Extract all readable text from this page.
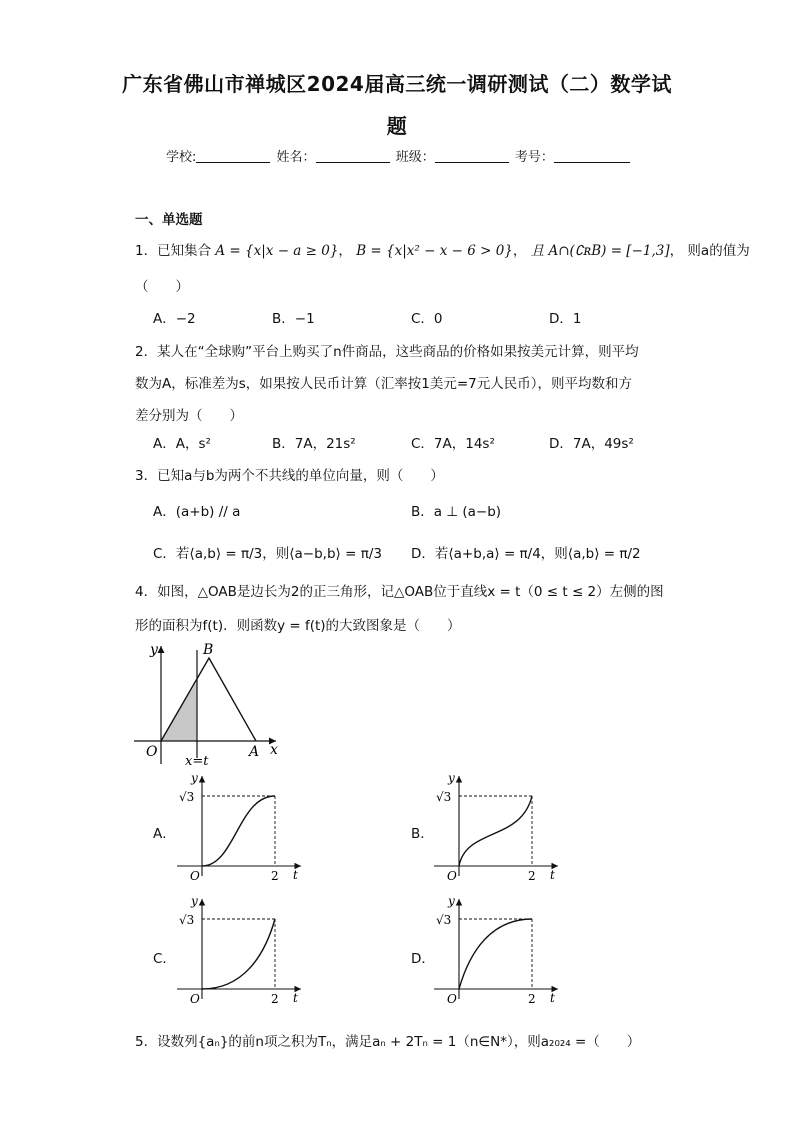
广东省佛山市禅城区2024届高三统一调研测试（二）数学试
题
学校:	姓名：	班级：	考号：
一、单选题
1．已知集合 A = {x|x − a ≥ 0}， B = {x|x² − x − 6 > 0}， 且 A∩(∁ʀB) = [−1,3]， 则a的值为
（　　）
A．−2	B．−1	C．0	D．1
2．某人在“全球购”平台上购买了n件商品，这些商品的价格如果按美元计算，则平均
数为A，标准差为s，如果按人民币计算（汇率按1美元=7元人民币），则平均数和方
差分别为（　　）
A．A，s²	B．7A，21s²	C．7A，14s²	D．7A，49s²
3．已知a与b为两个不共线的单位向量，则（　　）
A．(a+b) // a	B．a ⊥ (a−b)
C．若⟨a,b⟩ = π/3，则⟨a−b,b⟩ = π/3 D．若⟨a+b,a⟩ = π/4，则⟨a,b⟩ = π/2
4．如图，△OAB是边长为2的正三角形，记△OAB位于直线x = t（0 ≤ t ≤ 2）左侧的图
形的面积为f(t)．则函数y = f(t)的大致图象是（　　）
y	B
O	A x
x=t
A．	B．
C．	D．
y
√3
O	2 t
y
√3
O	2 t
y
√3
O	2 t
y
√3
O	2 t
5．设数列{aₙ}的前n项之积为Tₙ，满足aₙ + 2Tₙ = 1（n∈N*），则a₂₀₂₄ =（　　）
